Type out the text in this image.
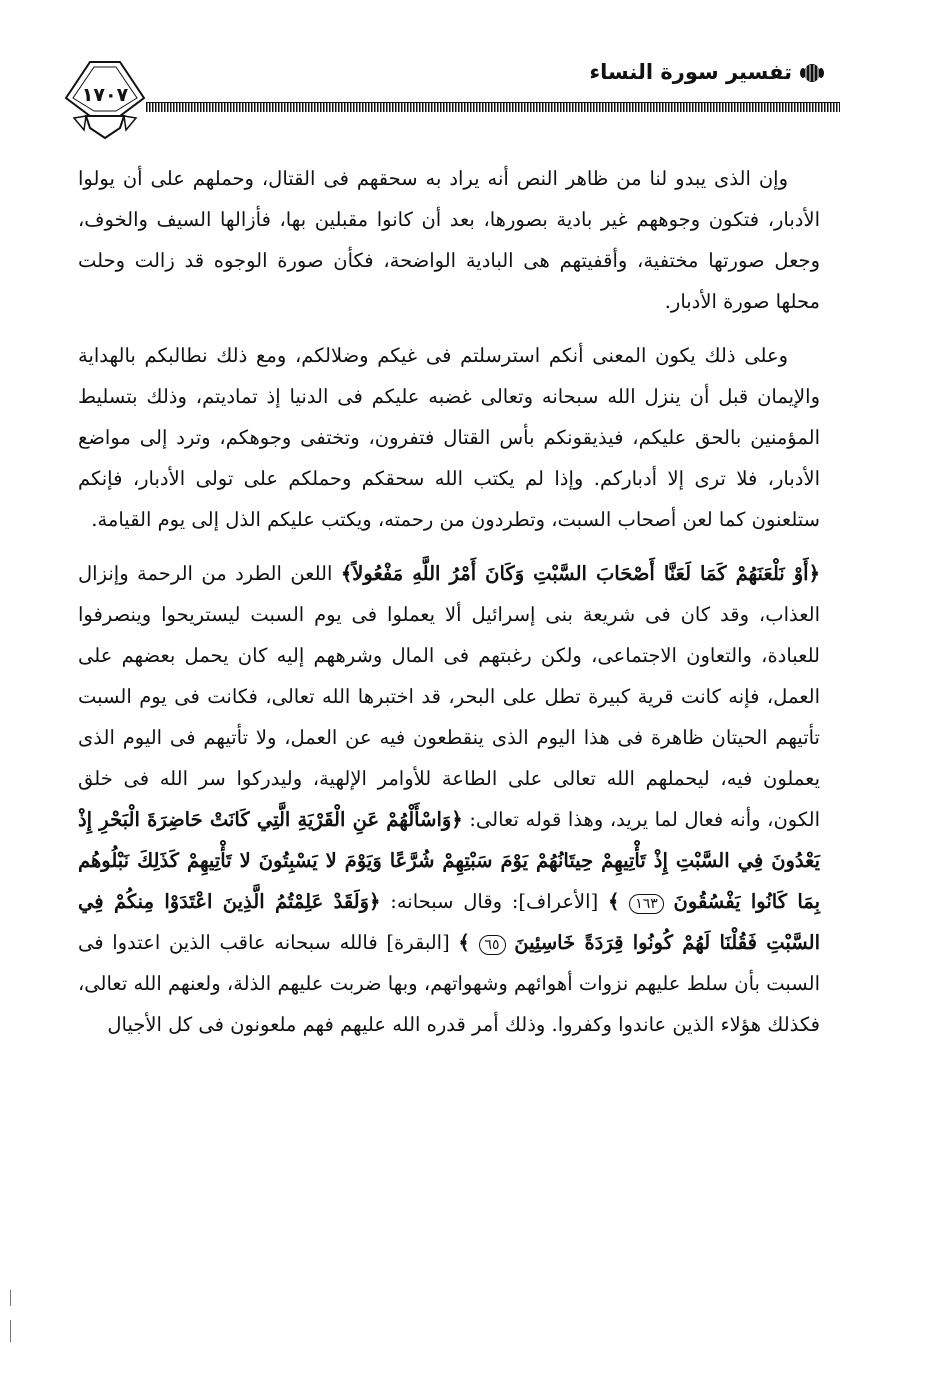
١٧٠٧
تفسير سورة النساء

وإن الذى يبدو لنا من ظاهر النص أنه يراد به سحقهم فى القتال، وحملهم على أن يولوا الأدبار، فتكون وجوههم غير بادية بصورها، بعد أن كانوا مقبلين بها، فأزالها السيف والخوف، وجعل صورتها مختفية، وأقفيتهم هى البادية الواضحة، فكأن صورة الوجوه قد زالت وحلت محلها صورة الأدبار.

وعلى ذلك يكون المعنى أنكم استرسلتم فى غيكم وضلالكم، ومع ذلك نطالبكم بالهداية والإيمان قبل أن ينزل الله سبحانه وتعالى غضبه عليكم فى الدنيا إذ تماديتم، وذلك بتسليط المؤمنين بالحق عليكم، فيذيقونكم بأس القتال فتفرون، وتختفى وجوهكم، وترد إلى مواضع الأدبار، فلا ترى إلا أدباركم. وإذا لم يكتب الله سحقكم وحملكم على تولى الأدبار، فإنكم ستلعنون كما لعن أصحاب السبت، وتطردون من رحمته، ويكتب عليكم الذل إلى يوم القيامة.

﴿أَوْ نَلْعَنَهُمْ كَمَا لَعَنَّا أَصْحَابَ السَّبْتِ وَكَانَ أَمْرُ اللَّهِ مَفْعُولاً﴾ اللعن الطرد من الرحمة وإنزال العذاب، وقد كان فى شريعة بنى إسرائيل ألا يعملوا فى يوم السبت ليستريحوا وينصرفوا للعبادة، والتعاون الاجتماعى، ولكن رغبتهم فى المال وشرههم إليه كان يحمل بعضهم على العمل، فإنه كانت قرية كبيرة تطل على البحر، قد اختبرها الله تعالى، فكانت فى يوم السبت تأتيهم الحيتان ظاهرة فى هذا اليوم الذى ينقطعون فيه عن العمل، ولا تأتيهم فى اليوم الذى يعملون فيه، ليحملهم الله تعالى على الطاعة للأوامر الإلهية، وليدركوا سر الله فى خلق الكون، وأنه فعال لما يريد، وهذا قوله تعالى: ﴿وَاسْأَلْهُمْ عَنِ الْقَرْيَةِ الَّتِي كَانَتْ حَاضِرَةَ الْبَحْرِ إِذْ يَعْدُونَ فِي السَّبْتِ إِذْ تَأْتِيهِمْ حِيتَانُهُمْ يَوْمَ سَبْتِهِمْ شُرَّعًا وَيَوْمَ لا يَسْبِتُونَ لا تَأْتِيهِمْ كَذَلِكَ نَبْلُوهُم بِمَا كَانُوا يَفْسُقُونَ ١٦٣ ﴾ [الأعراف]: وقال سبحانه: ﴿وَلَقَدْ عَلِمْتُمُ الَّذِينَ اعْتَدَوْا مِنكُمْ فِي السَّبْتِ فَقُلْنَا لَهُمْ كُونُوا قِرَدَةً خَاسِئِينَ ٦٥ ﴾ [البقرة] فالله سبحانه عاقب الذين اعتدوا فى السبت بأن سلط عليهم نزوات أهوائهم وشهواتهم، وبها ضربت عليهم الذلة، ولعنهم الله تعالى، فكذلك هؤلاء الذين عاندوا وكفروا. وذلك أمر قدره الله عليهم فهم ملعونون فى كل الأجيال
